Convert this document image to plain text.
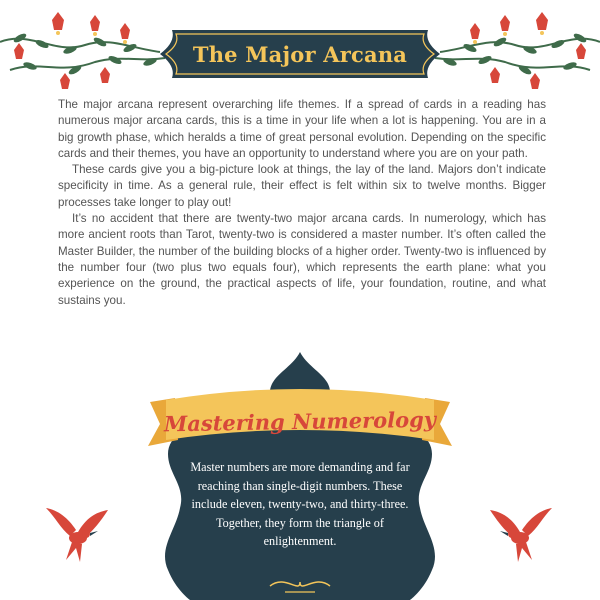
The Major Arcana

The major arcana represent overarching life themes. If a spread of cards in a reading has numerous major arcana cards, this is a time in your life when a lot is happening. You are in a big growth phase, which heralds a time of great personal evolution. Depending on the specific cards and their themes, you have an opportunity to understand where you are on your path.

These cards give you a big-picture look at things, the lay of the land. Majors don’t indicate specificity in time. As a general rule, their effect is felt within six to twelve months. Bigger processes take longer to play out!

It’s no accident that there are twenty-two major arcana cards. In numerology, which has more ancient roots than Tarot, twenty-two is considered a master number. It’s often called the Master Builder, the number of the building blocks of a higher order. Twenty-two is influenced by the number four (two plus two equals four), which represents the earth plane: what you experience on the ground, the practical aspects of life, your foundation, routine, and what sustains you.

Mastering Numerology
Master numbers are more demanding and far reaching than single-digit numbers. These include eleven, twenty-two, and thirty-three. Together, they form the triangle of enlightenment.
